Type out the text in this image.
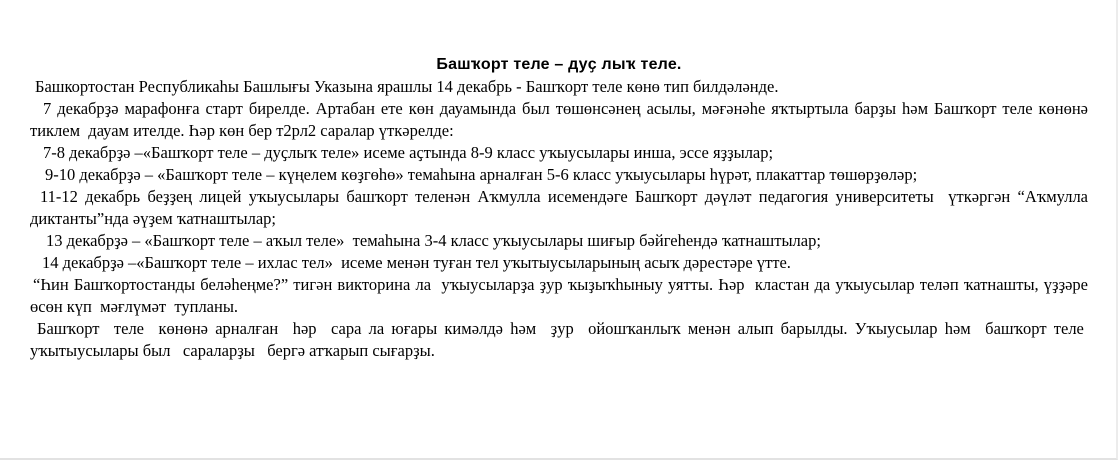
Башҡорт теле – дуҫ лыҡ теле.

Башкортостан Республикаһы Башлығы Указына ярашлы 14 декабрь - Башҡорт теле көнө тип билдәләнде.

7 декабрҙә марафонға старт бирелде. Артабан ете көн дауамында был төшөнсәнең асылы, мәғәнәһе яҡтыртыла барҙы һәм Башҡорт теле көнөнә тиклем  дауам ителде. Һәр көн бер т2рл2 саралар үткәрелде:

7-8 декабрҙә –«Башҡорт теле – дуҫлыҡ теле» исеме аҫтында 8-9 класс уҡыусылары инша, эссе яҙҙылар;

9-10 декабрҙә – «Башҡорт теле – күңелем көҙгөһө» темаһына арналған 5-6 класс уҡыусылары һүрәт, плакаттар төшөрҙөләр;

11-12 декабрь беҙҙең лицей уҡыусылары башҡорт теленән Аҡмулла исемендәге Башҡорт дәүләт педагогия университеты  үткәргән “Аҡмулла диктанты”нда әүҙем ҡатнаштылар;

13 декабрҙә – «Башҡорт теле – аҡыл теле»  темаһына 3-4 класс уҡыусылары шиғыр бәйгеһендә ҡатнаштылар;

14 декабрҙә –«Башҡорт теле – ихлас тел»  исеме менән туған тел уҡытыусыларының асыҡ дәрестәре үтте.

“Һин Башҡортостанды беләһеңме?” тигән викторина ла  уҡыусыларҙа ҙур ҡыҙыҡһыныу уятты. Һәр  кластан да уҡыусылар теләп ҡатнашты, үҙҙәре өсөн күп  мәғлүмәт  тупланы.

Башҡорт  теле  көнөнә арналған  һәр  сара ла юғары кимәлдә һәм  ҙур  ойошҡанлыҡ менән алып барылды. Уҡыусылар һәм  башҡорт теле  уҡытыусылары был   сараларҙы   бергә атҡарып сығарҙы.
